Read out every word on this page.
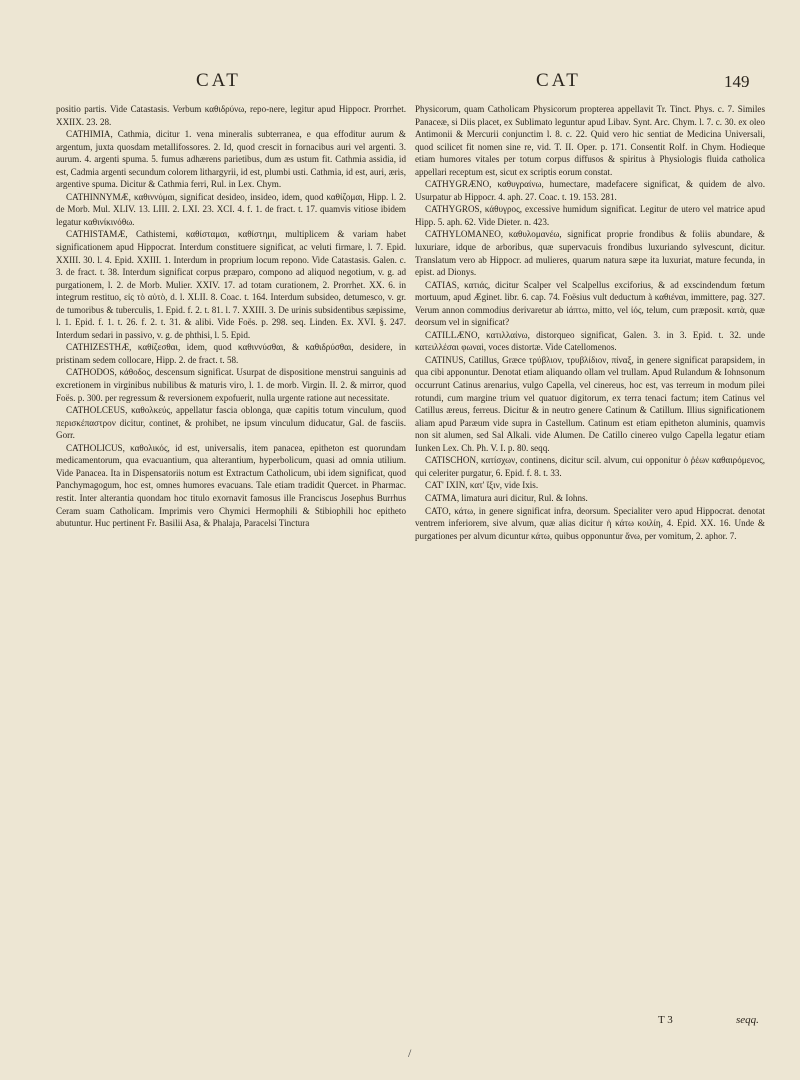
CAT	CAT	149

positio partis. Vide Catastasis. Verbum καθιδρύνω, repo-nere, legitur apud Hippocr. Prorrhet. XXIIX. 23. 28.

CATHIMIA, Cathmia, dicitur 1. vena mineralis subterranea, e qua effoditur aurum & argentum, juxta quosdam metallifossores. 2. Id, quod crescit in fornacibus auri vel argenti. 3. aurum. 4. argenti spuma. 5. fumus adhærens parietibus, dum æs ustum fit. Cathmia assidia, id est, Cadmia argenti secundum colorem lithargyrii, id est, plumbi usti. Cathmia, id est, auri, æris, argentive spuma. Dicitur & Cathmia ferri, Rul. in Lex. Chym.

CATHINNYMÆ, καθιννύμαι, significat desideo, insideo, idem, quod καθίζομαι, Hipp. l. 2. de Morb. Mul. XLIV. 13. LIII. 2. LXI. 23. XCI. 4. f. 1. de fract. t. 17. quamvis vitiose ibidem legatur καθινίκινόθω.

CATHISTAMÆ, Cathistemi, καθίσταμαι, καθίστημι, multiplicem & variam habet significationem apud Hippocrat. Interdum constituere significat, ac veluti firmare, l. 7. Epid. XXIII. 30. l. 4. Epid. XXIII. 1. Interdum in proprium locum repono. Vide Catastasis. Galen. c. 3. de fract. t. 38. Interdum significat corpus præparo, compono ad aliquod negotium, v. g. ad purgationem, l. 2. de Morb. Mulier. XXIV. 17. ad totam curationem, 2. Prorrhet. XX. 6. in integrum restituo, εἰς τὸ αὐτὸ, d. l. XLII. 8. Coac. t. 164. Interdum subsideo, detumesco, v. gr. de tumoribus & tuberculis, 1. Epid. f. 2. t. 81. l. 7. XXIII. 3. De urinis subsidentibus sæpissime, l. 1. Epid. f. 1. t. 26. f. 2. t. 31. & alibi. Vide Foës. p. 298. seq. Linden. Ex. XVI. §. 247. Interdum sedari in passivo, v. g. de phthisi, l. 5. Epid.

CATHIZESTHÆ, καθίζεσθαι, idem, quod καθιννύσθαι, & καθιδρύσθαι, desidere, in pristinam sedem collocare, Hipp. 2. de fract. t. 58.

CATHODOS, κάθοδος, descensum significat. Usurpat de dispositione menstrui sanguinis ad excretionem in virginibus nubilibus & maturis viro, l. 1. de morb. Virgin. II. 2. & mirror, quod Foës. p. 300. per regressum & reversionem expofuerit, nulla urgente ratione aut necessitate.

CATHOLCEUS, καθολκεύς, appellatur fascia oblonga, quæ capitis totum vinculum, quod περισκέπαστρον dicitur, continet, & prohibet, ne ipsum vinculum diducatur, Gal. de fasciis. Gorr.

CATHOLICUS, καθολικός, id est, universalis, item panacea, epitheton est quorundam medicamentorum, qua evacuantium, qua alterantium, hyperbolicum, quasi ad omnia utilium. Vide Panacea. Ita in Dispensatoriis notum est Extractum Catholicum, ubi idem significat, quod Panchymagogum, hoc est, omnes humores evacuans. Tale etiam tradidit Quercet. in Pharmac. restit. Inter alterantia quondam hoc titulo exornavit famosus ille Franciscus Josephus Burrhus Ceram suam Catholicam. Imprimis vero Chymici Hermophili & Stibiophili hoc epitheto abutuntur. Huc pertinent Fr. Basilii Asa, & Phalaja, Paracelsi Tinctura

Physicorum, quam Catholicam Physicorum propterea appellavit Tr. Tinct. Phys. c. 7. Similes Panaceæ, si Diis placet, ex Sublimato leguntur apud Libav. Synt. Arc. Chym. l. 7. c. 30. ex oleo Antimonii & Mercurii conjunctim l. 8. c. 22. Quid vero hic sentiat de Medicina Universali, quod scilicet fit nomen sine re, vid. T. II. Oper. p. 171. Consentit Rolf. in Chym. Hodieque etiam humores vitales per totum corpus diffusos & spiritus à Physiologis fluida catholica appellari receptum est, sicut ex scriptis eorum constat.

CATHYGRÆNO, καθυγραίνω, humectare, madefacere significat, & quidem de alvo. Usurpatur ab Hippocr. 4. aph. 27. Coac. t. 19. 153. 281.

CATHYGROS, κάθυγρος, excessive humidum significat. Legitur de utero vel matrice apud Hipp. 5. aph. 62. Vide Dieter. n. 423.

CATHYLOMANEO, καθυλομανέω, significat proprie frondibus & foliis abundare, & luxuriare, idque de arboribus, quæ supervacuis frondibus luxuriando sylvescunt, dicitur. Translatum vero ab Hippocr. ad mulieres, quarum natura sæpe ita luxuriat, mature fecunda, in epist. ad Dionys.

CATIAS, κατιάς, dicitur Scalper vel Scalpellus exciforius, & ad exscindendum fœtum mortuum, apud Æginet. libr. 6. cap. 74. Foësius vult deductum à καθιέναι, immittere, pag. 327. Verum annon commodius derivaretur ab ἰάπτω, mitto, vel ἰός, telum, cum præposit. κατὰ, quæ deorsum vel in significat?

CATILLÆNO, κατιλλαίνω, distorqueo significat, Galen. 3. in 3. Epid. t. 32. unde κατειλλέσαι φωναὶ, voces distortæ. Vide Catellomenos.

CATINUS, Catillus, Græce τρύβλιον, τρυβλίδιον, πίναξ, in genere significat parapsidem, in qua cibi apponuntur. Denotat etiam aliquando ollam vel trullam. Apud Rulandum & Iohnsonum occurrunt Catinus arenarius, vulgo Capella, vel cinereus, hoc est, vas terreum in modum pilei rotundi, cum margine trium vel quatuor digitorum, ex terra tenaci factum; item Catinus vel Catillus æreus, ferreus. Dicitur & in neutro genere Catinum & Catillum. Illius significationem aliam apud Paræum vide supra in Castellum. Catinum est etiam epitheton aluminis, quamvis non sit alumen, sed Sal Alkali. vide Alumen. De Catillo cinereo vulgo Capella legatur etiam Iunken Lex. Ch. Ph. V. I. p. 80. seqq.

CATISCHON, κατίσχων, continens, dicitur scil. alvum, cui opponitur ὁ ῥέων καθαιρόμενος, qui celeriter purgatur, 6. Epid. f. 8. t. 33.

CAT' IXIN, κατ' ἴξιν, vide Ixis.

CATMA, limatura auri dicitur, Rul. & Iohns.

CATO, κάτω, in genere significat infra, deorsum. Specialiter vero apud Hippocrat. denotat ventrem inferiorem, sive alvum, quæ alias dicitur ἡ κάτω κοιλίη, 4. Epid. XX. 16. Unde & purgationes per alvum dicuntur κάτω, quibus opponuntur ἄνω, per vomitum, 2. aphor. 7.

T 3	seqq.
/
